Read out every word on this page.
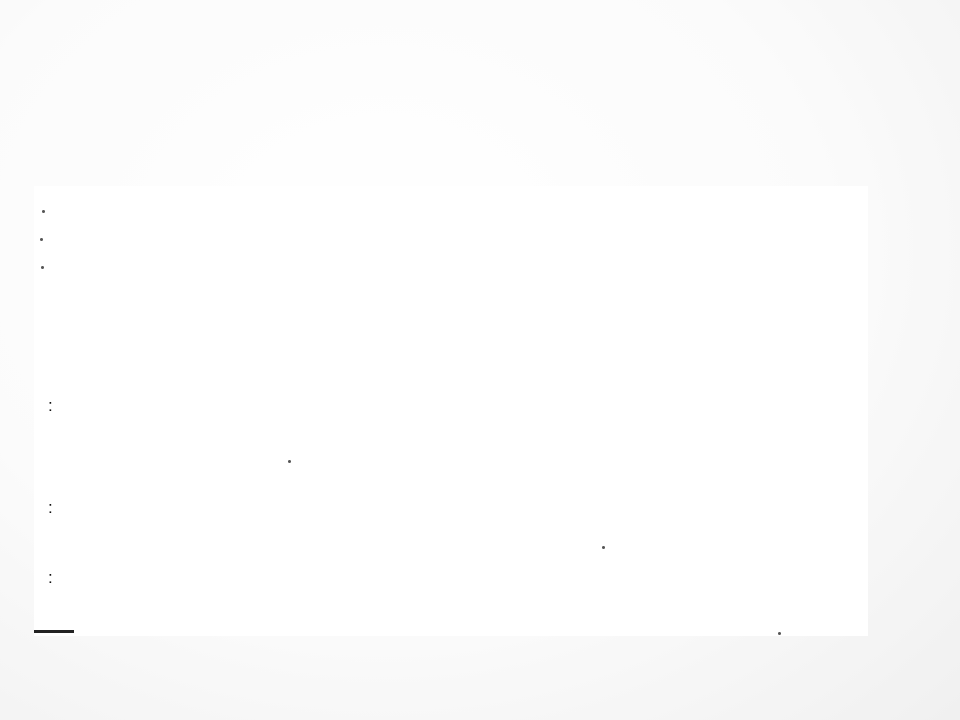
:

:

:
